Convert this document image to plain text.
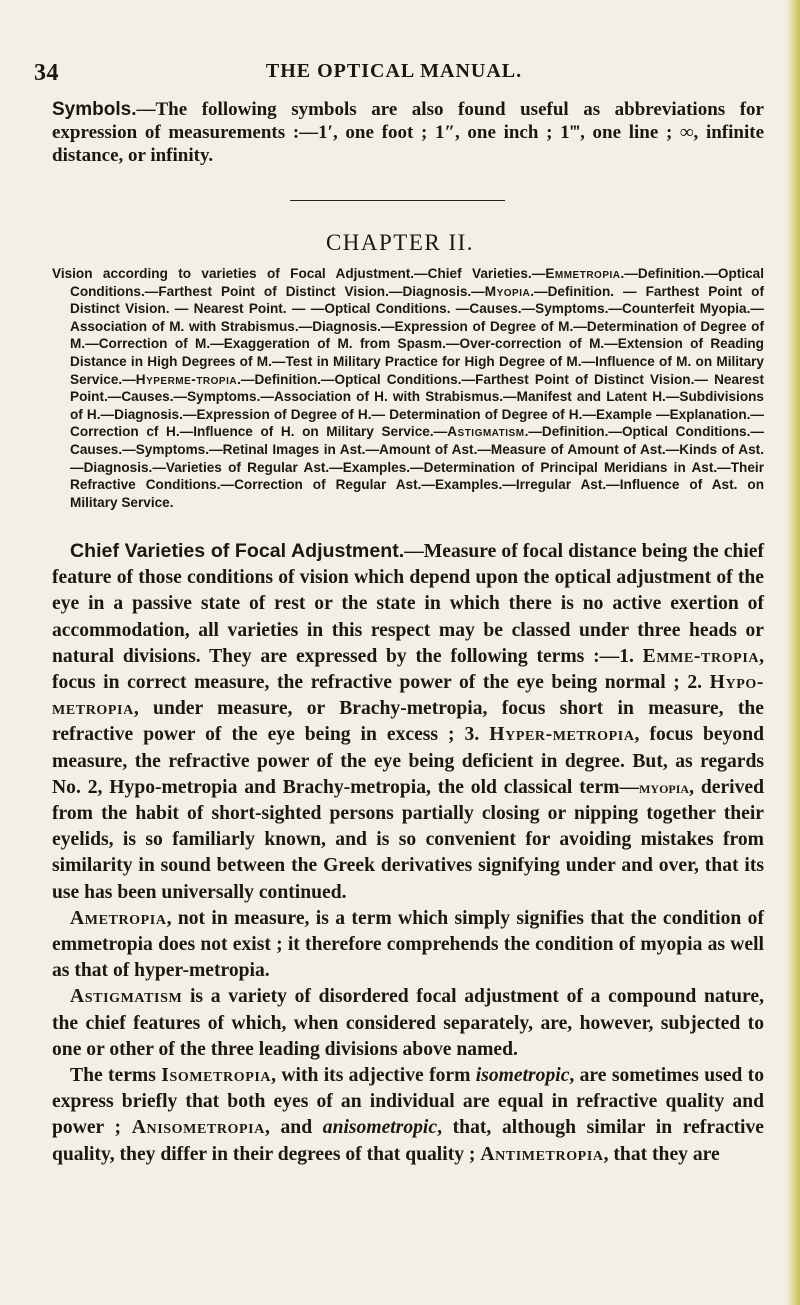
34	THE OPTICAL MANUAL.
Symbols.—The following symbols are also found useful as abbreviations for expression of measurements :—1′, one foot ; 1″, one inch ; 1‴, one line ; ∞, infinite distance, or infinity.
CHAPTER II.
Vision according to varieties of Focal Adjustment.—Chief Varieties.—Emmetropia.—Definition.—Optical Conditions.—Farthest Point of Distinct Vision.—Diagnosis.—Myopia.—Definition. — Farthest Point of Distinct Vision. — Nearest Point. — —Optical Conditions. —Causes.—Symptoms.—Counterfeit Myopia.—Association of M. with Strabismus.—Diagnosis.—Expression of Degree of M.—Determination of Degree of M.—Correction of M.—Exaggeration of M. from Spasm.—Over-correction of M.—Extension of Reading Distance in High Degrees of M.—Test in Military Practice for High Degree of M.—Influence of M. on Military Service.—Hyperme-tropia.—Definition.—Optical Conditions.—Farthest Point of Distinct Vision.— Nearest Point.—Causes.—Symptoms.—Association of H. with Strabismus.—Manifest and Latent H.—Subdivisions of H.—Diagnosis.—Expression of Degree of H.— Determination of Degree of H.—Example —Explanation.—Correction cf H.—Influence of H. on Military Service.—Astigmatism.—Definition.—Optical Conditions.— Causes.—Symptoms.—Retinal Images in Ast.—Amount of Ast.—Measure of Amount of Ast.—Kinds of Ast.—Diagnosis.—Varieties of Regular Ast.—Examples.—Determination of Principal Meridians in Ast.—Their Refractive Conditions.—Correction of Regular Ast.—Examples.—Irregular Ast.—Influence of Ast. on Military Service.

Chief Varieties of Focal Adjustment.—Measure of focal distance being the chief feature of those conditions of vision which depend upon the optical adjustment of the eye in a passive state of rest or the state in which there is no active exertion of accommodation, all varieties in this respect may be classed under three heads or natural divisions. They are expressed by the following terms :—1. Emme-tropia, focus in correct measure, the refractive power of the eye being normal ; 2. Hypo-metropia, under measure, or Brachy-metropia, focus short in measure, the refractive power of the eye being in excess ; 3. Hyper-metropia, focus beyond measure, the refractive power of the eye being deficient in degree. But, as regards No. 2, Hypo-metropia and Brachy-metropia, the old classical term—myopia, derived from the habit of short-sighted persons partially closing or nipping together their eyelids, is so familiarly known, and is so convenient for avoiding mistakes from similarity in sound between the Greek derivatives signifying under and over, that its use has been universally continued.

Ametropia, not in measure, is a term which simply signifies that the condition of emmetropia does not exist ; it therefore comprehends the condition of myopia as well as that of hyper-metropia.

Astigmatism is a variety of disordered focal adjustment of a compound nature, the chief features of which, when considered separately, are, however, subjected to one or other of the three leading divisions above named.

The terms Isometropia, with its adjective form isometropic, are sometimes used to express briefly that both eyes of an individual are equal in refractive quality and power ; Anisometropia, and anisometropic, that, although similar in refractive quality, they differ in their degrees of that quality ; Antimetropia, that they are
